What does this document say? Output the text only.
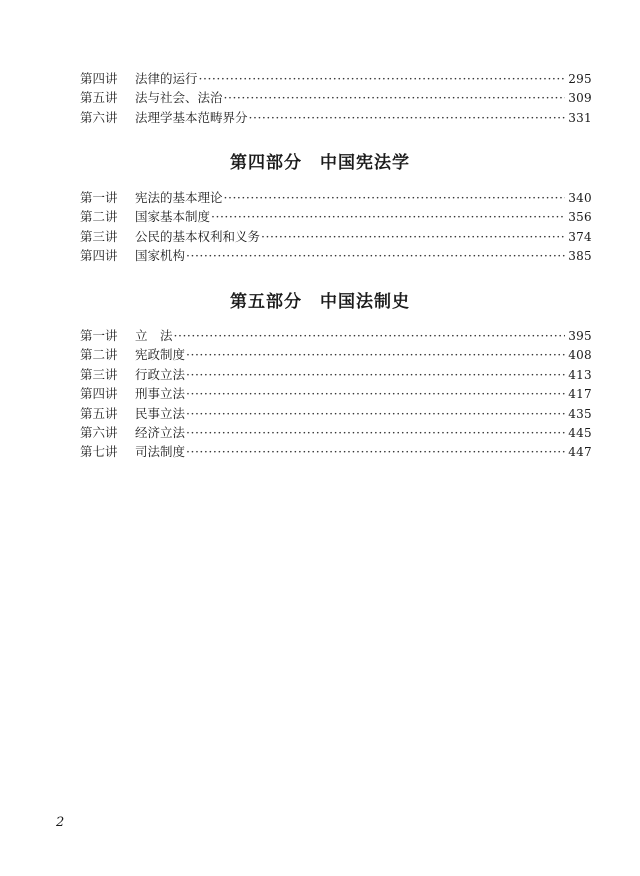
第四讲	法律的运行 ·····	295
第五讲	法与社会、法治 ·····	309
第六讲	法理学基本范畴界分 ·····	331
第四部分　中国宪法学
第一讲	宪法的基本理论 ·····	340
第二讲	国家基本制度 ·····	356
第三讲	公民的基本权利和义务 ·····	374
第四讲	国家机构 ·····	385
第五部分　中国法制史
第一讲	立　法 ·····	395
第二讲	宪政制度 ·····	408
第三讲	行政立法 ·····	413
第四讲	刑事立法 ·····	417
第五讲	民事立法 ·····	435
第六讲	经济立法 ·····	445
第七讲	司法制度 ·····	447
2
